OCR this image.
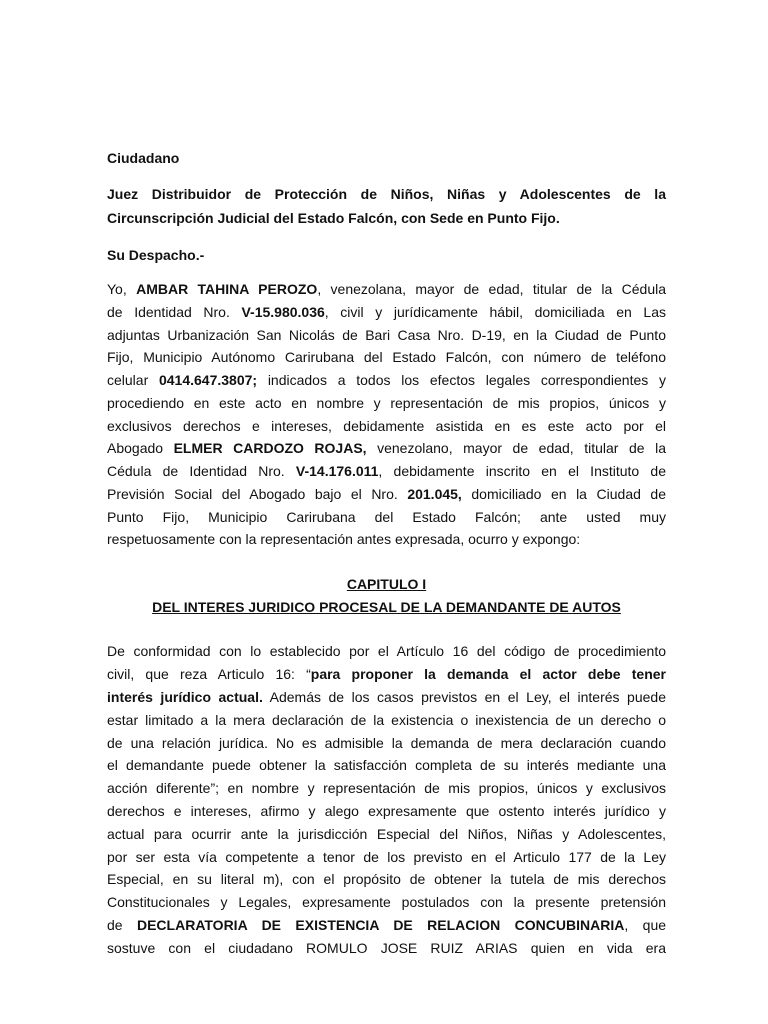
Ciudadano
Juez Distribuidor de Protección de Niños, Niñas y Adolescentes de la
Circunscripción Judicial del Estado Falcón, con Sede en Punto Fijo.
Su Despacho.-
Yo, AMBAR TAHINA PEROZO, venezolana, mayor de edad, titular de la Cédula
de Identidad Nro. V-15.980.036, civil y jurídicamente hábil, domiciliada en Las
adjuntas Urbanización San Nicolás de Bari Casa Nro. D-19, en la Ciudad de Punto
Fijo, Municipio Autónomo Carirubana del Estado Falcón, con número de teléfono
celular 0414.647.3807; indicados a todos los efectos legales correspondientes y
procediendo en este acto en nombre y representación de mis propios, únicos y
exclusivos derechos e intereses, debidamente asistida en es este acto por el
Abogado ELMER CARDOZO ROJAS, venezolano, mayor de edad, titular de la
Cédula de Identidad Nro. V-14.176.011, debidamente inscrito en el Instituto de
Previsión Social del Abogado bajo el Nro. 201.045, domiciliado en la Ciudad de
Punto Fijo, Municipio Carirubana del Estado Falcón; ante usted muy
respetuosamente con la representación antes expresada, ocurro y expongo:
CAPITULO I
DEL INTERES JURIDICO PROCESAL DE LA DEMANDANTE DE AUTOS
De conformidad con lo establecido por el Artículo 16 del código de procedimiento
civil, que reza Articulo 16: “para proponer la demanda el actor debe tener
interés jurídico actual. Además de los casos previstos en el Ley, el interés puede
estar limitado a la mera declaración de la existencia o inexistencia de un derecho o
de una relación jurídica. No es admisible la demanda de mera declaración cuando
el demandante puede obtener la satisfacción completa de su interés mediante una
acción diferente”; en nombre y representación de mis propios, únicos y exclusivos
derechos e intereses, afirmo y alego expresamente que ostento interés jurídico y
actual para ocurrir ante la jurisdicción Especial del Niños, Niñas y Adolescentes,
por ser esta vía competente a tenor de los previsto en el Articulo 177 de la Ley
Especial, en su literal m), con el propósito de obtener la tutela de mis derechos
Constitucionales y Legales, expresamente postulados con la presente pretensión
de DECLARATORIA DE EXISTENCIA DE RELACION CONCUBINARIA, que
sostuve con el ciudadano ROMULO JOSE RUIZ ARIAS quien en vida era
